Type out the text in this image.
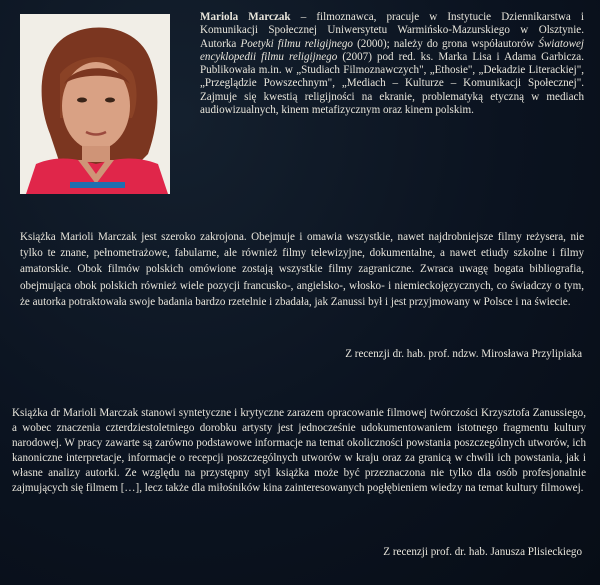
Mariola Marczak – filmoznawca, pracuje w Instytucie Dziennikarstwa i Komunikacji Społecznej Uniwersytetu Warmińsko-Mazurskiego w Olsztynie. Autorka Poetyki filmu religijnego (2000); należy do grona współautorów Światowej encyklopedii filmu religijnego (2007) pod red. ks. Marka Lisa i Adama Garbicza. Publikowała m.in. w „Studiach Filmoznawczych", „Ethosie", „Dekadzie Literackiej", „Przeglądzie Powszechnym", „Mediach – Kulturze – Komunikacji Społecznej". Zajmuje się kwestią religijności na ekranie, problematyką etyczną w mediach audiowizualnych, kinem metafizycznym oraz kinem polskim.
Książka Marioli Marczak jest szeroko zakrojona. Obejmuje i omawia wszystkie, nawet najdrobniejsze filmy reżysera, nie tylko te znane, pełnometrażowe, fabularne, ale również filmy telewizyjne, dokumentalne, a nawet etiudy szkolne i filmy amatorskie. Obok filmów polskich omówione zostają wszystkie filmy zagraniczne. Zwraca uwagę bogata bibliografia, obejmująca obok polskich również wiele pozycji francusko-, angielsko-, włosko- i niemieckojęzycznych, co świadczy o tym, że autorka potraktowała swoje badania bardzo rzetelnie i zbadała, jak Zanussi był i jest przyjmowany w Polsce i na świecie.
Z recenzji dr. hab. prof. ndzw. Mirosława Przylipiaka
Książka dr Marioli Marczak stanowi syntetyczne i krytyczne zarazem opracowanie filmowej twórczości Krzysztofa Zanussiego, a wobec znaczenia czterdziestoletniego dorobku artysty jest jednocześnie udokumentowaniem istotnego fragmentu kultury narodowej. W pracy zawarte są zarówno podstawowe informacje na temat okoliczności powstania poszczególnych utworów, ich kanoniczne interpretacje, informacje o recepcji poszczególnych utworów w kraju oraz za granicą w chwili ich powstania, jak i własne analizy autorki. Ze względu na przystępny styl książka może być przeznaczona nie tylko dla osób profesjonalnie zajmujących się filmem […], lecz także dla miłośników kina zainteresowanych pogłębieniem wiedzy na temat kultury filmowej.
Z recenzji prof. dr. hab. Janusza Plisieckiego
